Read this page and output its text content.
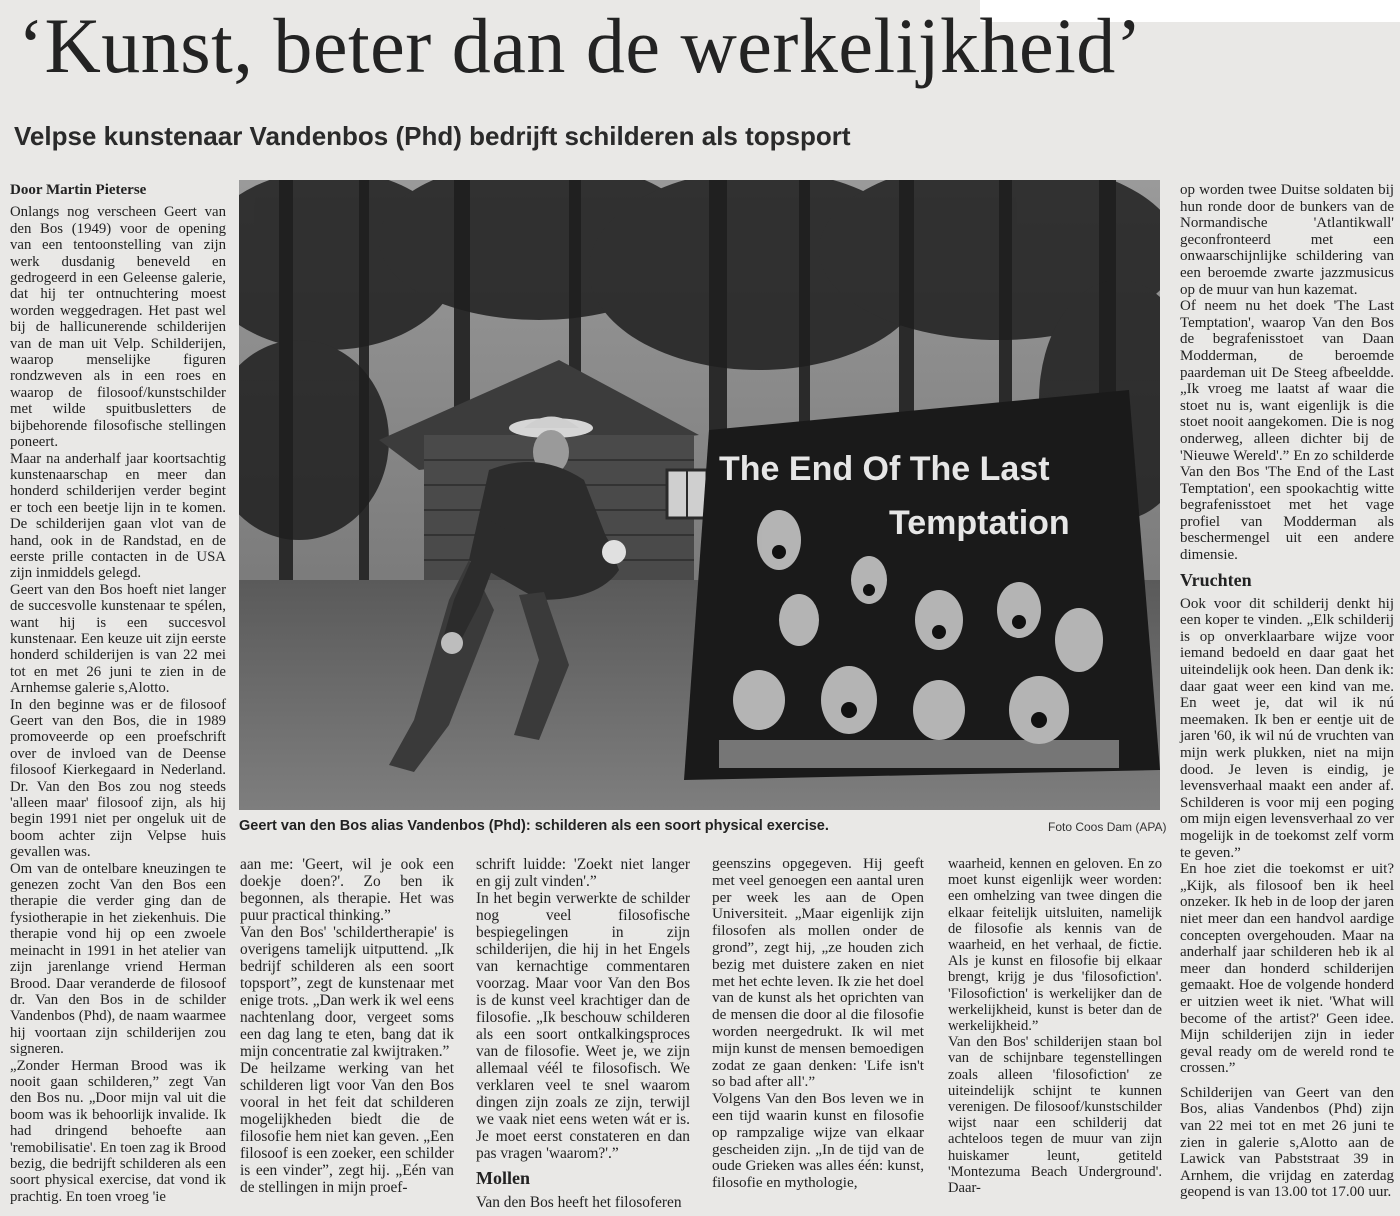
‘Kunst, beter dan de werkelijkheid’
Velpse kunstenaar Vandenbos (Phd) bedrijft schilderen als topsport

Door Martin Pieterse

Onlangs nog verscheen Geert van den Bos (1949) voor de opening van een tentoonstelling van zijn werk dusdanig beneveld en gedrogeerd in een Geleense galerie, dat hij ter ontnuchtering moest worden weggedragen. Het past wel bij de hallicunerende schilderijen van de man uit Velp. Schilderijen, waarop menselijke figuren rondzweven als in een roes en waarop de filosoof/kunstschilder met wilde spuitbusletters de bijbehorende filosofische stellingen poneert.

Maar na anderhalf jaar koortsachtig kunstenaarschap en meer dan honderd schilderijen verder begint er toch een beetje lijn in te komen. De schilderijen gaan vlot van de hand, ook in de Randstad, en de eerste prille contacten in de USA zijn inmiddels gelegd.

Geert van den Bos hoeft niet langer de succesvolle kunstenaar te spélen, want hij is een succesvol kunstenaar. Een keuze uit zijn eerste honderd schilderijen is van 22 mei tot en met 26 juni te zien in de Arnhemse galerie s,Alotto.

In den beginne was er de filosoof Geert van den Bos, die in 1989 promoveerde op een proefschrift over de invloed van de Deense filosoof Kierkegaard in Nederland. Dr. Van den Bos zou nog steeds 'alleen maar' filosoof zijn, als hij begin 1991 niet per ongeluk uit de boom achter zijn Velpse huis gevallen was.

Om van de ontelbare kneuzingen te genezen zocht Van den Bos een therapie die verder ging dan de fysiotherapie in het ziekenhuis. Die therapie vond hij op een zwoele meinacht in 1991 in het atelier van zijn jarenlange vriend Herman Brood. Daar veranderde de filosoof dr. Van den Bos in de schilder Vandenbos (Phd), de naam waarmee hij voortaan zijn schilderijen zou signeren.

„Zonder Herman Brood was ik nooit gaan schilderen,” zegt Van den Bos nu. „Door mijn val uit die boom was ik behoorlijk invalide. Ik had dringend behoefte aan 'remobilisatie'. En toen zag ik Brood bezig, die bedrijft schilderen als een soort physical exercise, dat vond ik prachtig. En toen vroeg 'ie

The End Of The Last
Temptation
Geert van den Bos alias Vandenbos (Phd): schilderen als een soort physical exercise.	Foto Coos Dam (APA)

aan me: 'Geert, wil je ook een doekje doen?'. Zo ben ik begonnen, als therapie. Het was puur practical thinking.”

Van den Bos' 'schildertherapie' is overigens tamelijk uitputtend. „Ik bedrijf schilderen als een soort topsport”, zegt de kunstenaar met enige trots. „Dan werk ik wel eens nachtenlang door, vergeet soms een dag lang te eten, bang dat ik mijn concentratie zal kwijtraken.”

De heilzame werking van het schilderen ligt voor Van den Bos vooral in het feit dat schilderen mogelijkheden biedt die de filosofie hem niet kan geven. „Een filosoof is een zoeker, een schilder is een vinder”, zegt hij. „Eén van de stellingen in mijn proef-

schrift luidde: 'Zoekt niet langer en gij zult vinden'.”

In het begin verwerkte de schilder nog veel filosofische bespiegelingen in zijn schilderijen, die hij in het Engels van kernachtige commentaren voorzag. Maar voor Van den Bos is de kunst veel krachtiger dan de filosofie. „Ik beschouw schilderen als een soort ontkalkingsproces van de filosofie. Weet je, we zijn allemaal véél te filosofisch. We verklaren veel te snel waarom dingen zijn zoals ze zijn, terwijl we vaak niet eens weten wát er is. Je moet eerst constateren en dan pas vragen 'waarom?'.”

Mollen

Van den Bos heeft het filosoferen

geenszins opgegeven. Hij geeft met veel genoegen een aantal uren per week les aan de Open Universiteit. „Maar eigenlijk zijn filosofen als mollen onder de grond”, zegt hij, „ze houden zich bezig met duistere zaken en niet met het echte leven. Ik zie het doel van de kunst als het oprichten van de mensen die door al die filosofie worden neergedrukt. Ik wil met mijn kunst de mensen bemoedigen zodat ze gaan denken: 'Life isn't so bad after all'.”

Volgens Van den Bos leven we in een tijd waarin kunst en filosofie op rampzalige wijze van elkaar gescheiden zijn. „In de tijd van de oude Grieken was alles één: kunst, filosofie en mythologie,

waarheid, kennen en geloven. En zo moet kunst eigenlijk weer worden: een omhelzing van twee dingen die elkaar feitelijk uitsluiten, namelijk de filosofie als kennis van de waarheid, en het verhaal, de fictie. Als je kunst en filosofie bij elkaar brengt, krijg je dus 'filosofiction'. 'Filosofiction' is werkelijker dan de werkelijkheid, kunst is beter dan de werkelijkheid.”

Van den Bos' schilderijen staan bol van de schijnbare tegenstellingen zoals alleen 'filosofiction' ze uiteindelijk schijnt te kunnen verenigen. De filosoof/kunstschilder wijst naar een schilderij dat achteloos tegen de muur van zijn huiskamer leunt, getiteld 'Montezuma Beach Underground'. Daar-

op worden twee Duitse soldaten bij hun ronde door de bunkers van de Normandische 'Atlantikwall' geconfronteerd met een onwaarschijnlijke schildering van een beroemde zwarte jazzmusicus op de muur van hun kazemat.

Of neem nu het doek 'The Last Temptation', waarop Van den Bos de begrafenisstoet van Daan Modderman, de beroemde paardeman uit De Steeg afbeeldde. „Ik vroeg me laatst af waar die stoet nu is, want eigenlijk is die stoet nooit aangekomen. Die is nog onderweg, alleen dichter bij de 'Nieuwe Wereld'.” En zo schilderde Van den Bos 'The End of the Last Temptation', een spookachtig witte begrafenisstoet met het vage profiel van Modderman als beschermengel uit een andere dimensie.

Vruchten

Ook voor dit schilderij denkt hij een koper te vinden. „Elk schilderij is op onverklaarbare wijze voor iemand bedoeld en daar gaat het uiteindelijk ook heen. Dan denk ik: daar gaat weer een kind van me. En weet je, dat wil ik nú meemaken. Ik ben er eentje uit de jaren '60, ik wil nú de vruchten van mijn werk plukken, niet na mijn dood. Je leven is eindig, je levensverhaal maakt een ander af. Schilderen is voor mij een poging om mijn eigen levensverhaal zo ver mogelijk in de toekomst zelf vorm te geven.”

En hoe ziet die toekomst er uit? „Kijk, als filosoof ben ik heel onzeker. Ik heb in de loop der jaren niet meer dan een handvol aardige concepten overgehouden. Maar na anderhalf jaar schilderen heb ik al meer dan honderd schilderijen gemaakt. Hoe de volgende honderd er uitzien weet ik niet. 'What will become of the artist?' Geen idee. Mijn schilderijen zijn in ieder geval ready om de wereld rond te crossen.”

Schilderijen van Geert van den Bos, alias Vandenbos (Phd) zijn van 22 mei tot en met 26 juni te zien in galerie s,Alotto aan de Lawick van Pabststraat 39 in Arnhem, die vrijdag en zaterdag geopend is van 13.00 tot 17.00 uur.
